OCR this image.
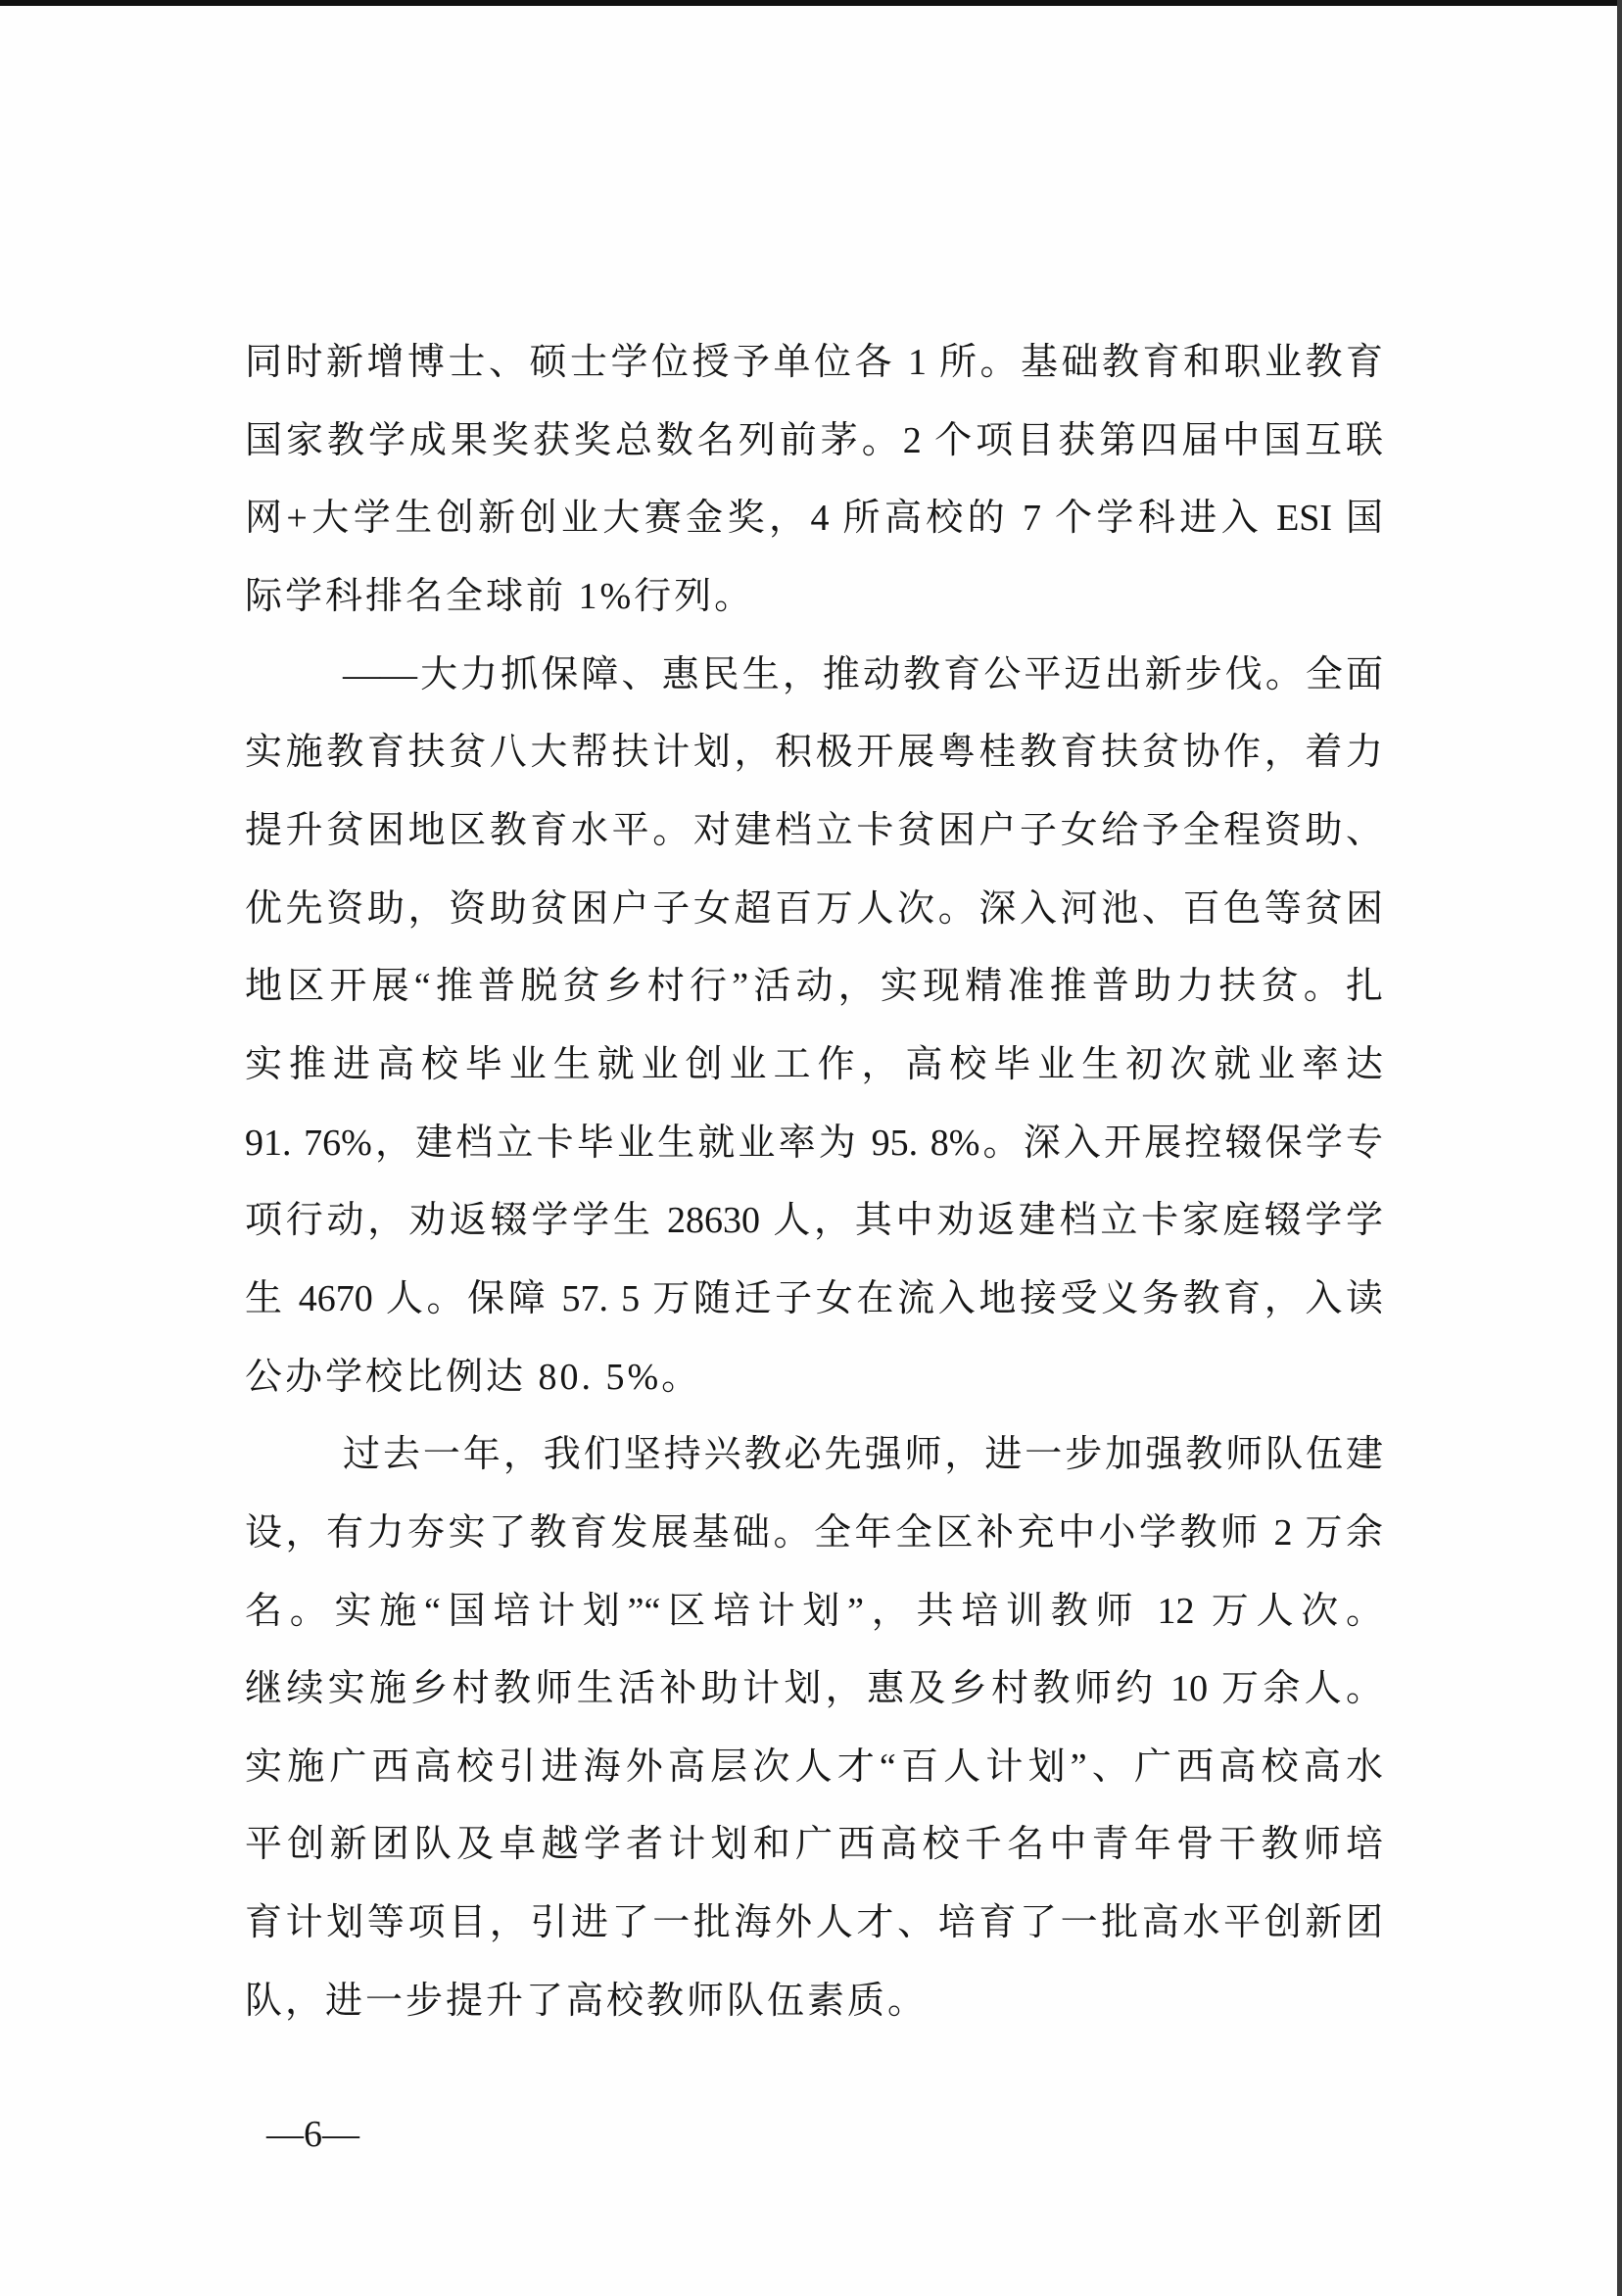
同时新增博士、硕士学位授予单位各 1 所。基础教育和职业教育
国家教学成果奖获奖总数名列前茅。2 个项目获第四届中国互联
网+大学生创新创业大赛金奖，4 所高校的 7 个学科进入 ESI 国
际学科排名全球前 1%行列。
——大力抓保障、惠民生，推动教育公平迈出新步伐。全面
实施教育扶贫八大帮扶计划，积极开展粤桂教育扶贫协作，着力
提升贫困地区教育水平。对建档立卡贫困户子女给予全程资助、
优先资助，资助贫困户子女超百万人次。深入河池、百色等贫困
地区开展“推普脱贫乡村行”活动，实现精准推普助力扶贫。扎
实推进高校毕业生就业创业工作，高校毕业生初次就业率达
91. 76%，建档立卡毕业生就业率为 95. 8%。深入开展控辍保学专
项行动，劝返辍学学生 28630 人，其中劝返建档立卡家庭辍学学
生 4670 人。保障 57. 5 万随迁子女在流入地接受义务教育，入读
公办学校比例达 80. 5%。
过去一年，我们坚持兴教必先强师，进一步加强教师队伍建
设，有力夯实了教育发展基础。全年全区补充中小学教师 2 万余
名。实施“国培计划”“区培计划”，共培训教师 12 万人次。
继续实施乡村教师生活补助计划，惠及乡村教师约 10 万余人。
实施广西高校引进海外高层次人才“百人计划”、广西高校高水
平创新团队及卓越学者计划和广西高校千名中青年骨干教师培
育计划等项目，引进了一批海外人才、培育了一批高水平创新团
队，进一步提升了高校教师队伍素质。
—6—
